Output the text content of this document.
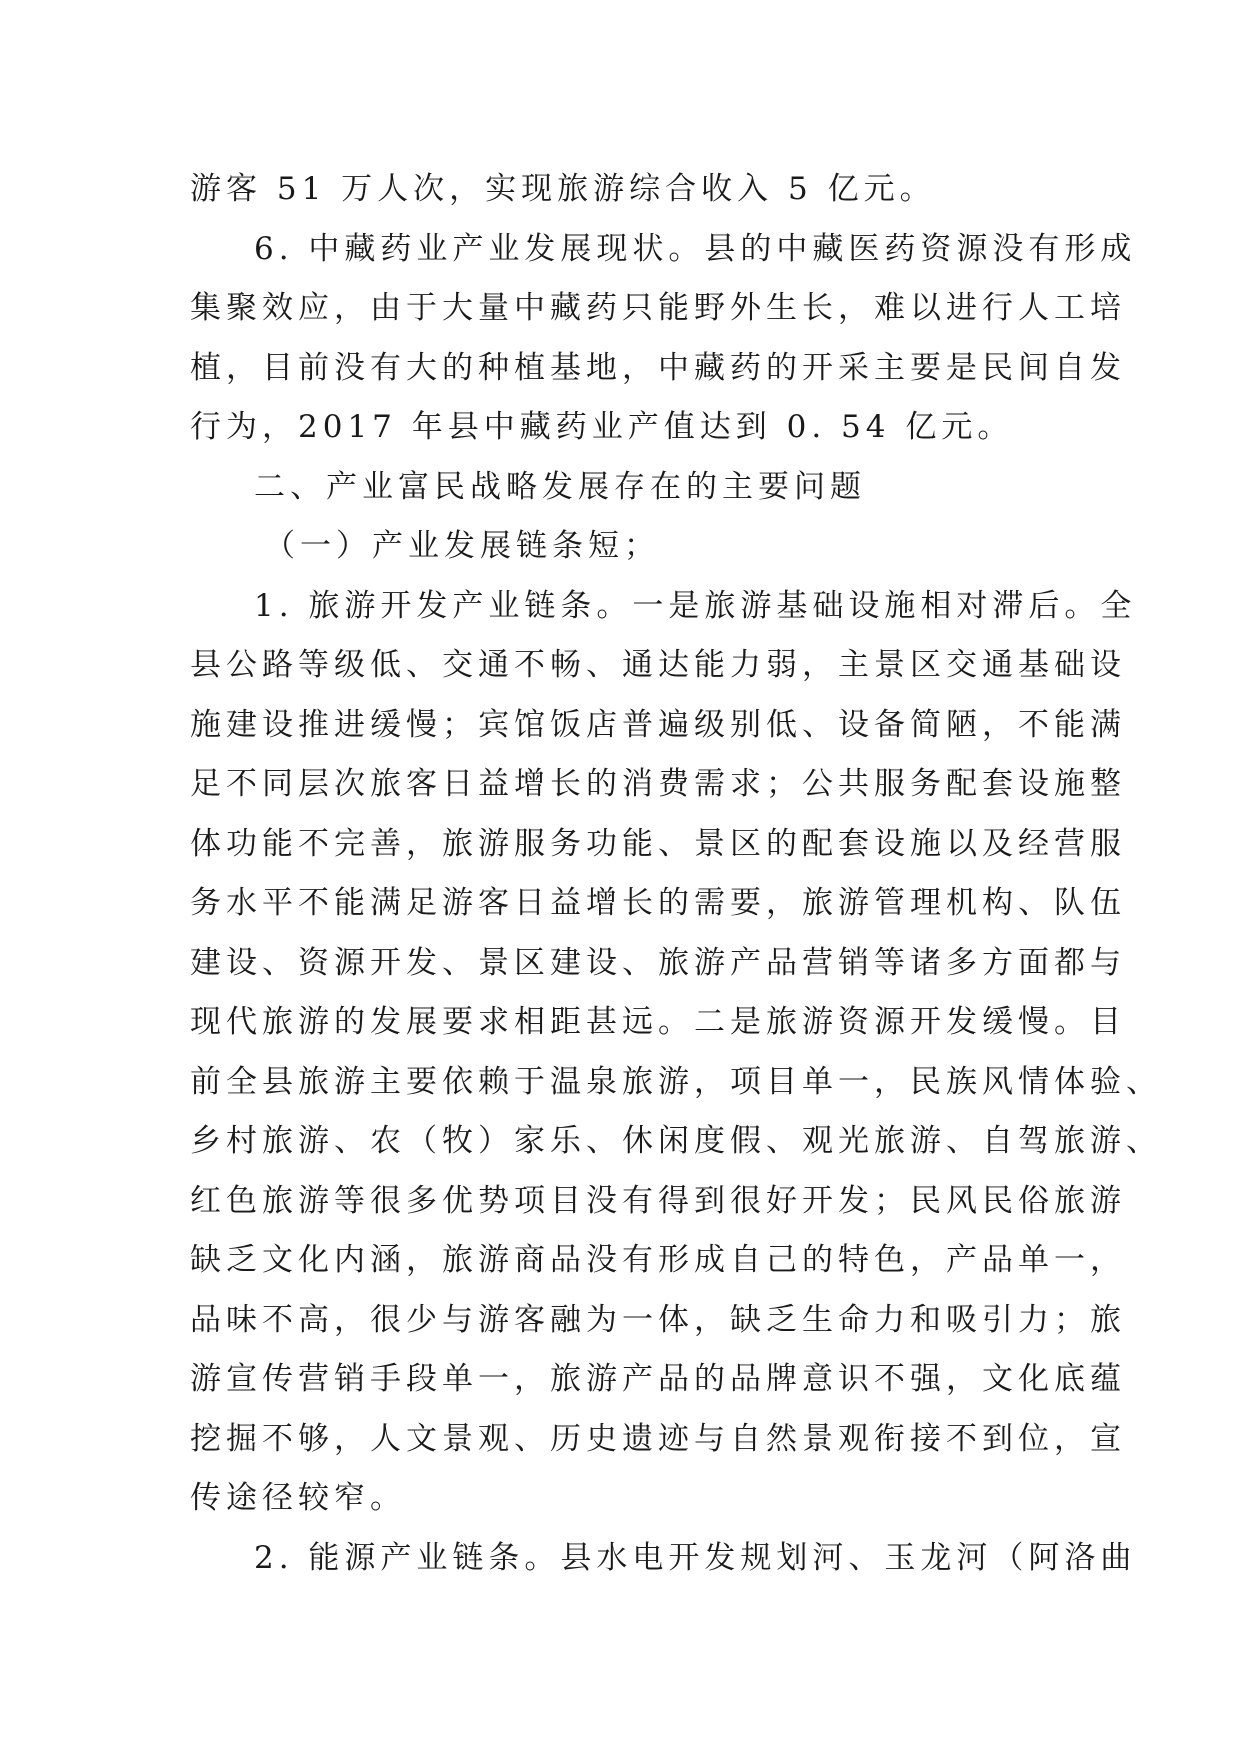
游客 51 万人次，实现旅游综合收入 5 亿元。
6. 中藏药业产业发展现状。县的中藏医药资源没有形成
集聚效应，由于大量中藏药只能野外生长，难以进行人工培
植，目前没有大的种植基地，中藏药的开采主要是民间自发
行为，2017 年县中藏药业产值达到 0. 54 亿元。
二、产业富民战略发展存在的主要问题
（一）产业发展链条短；
1. 旅游开发产业链条。一是旅游基础设施相对滞后。全
县公路等级低、交通不畅、通达能力弱，主景区交通基础设
施建设推进缓慢；宾馆饭店普遍级别低、设备简陋，不能满
足不同层次旅客日益增长的消费需求；公共服务配套设施整
体功能不完善，旅游服务功能、景区的配套设施以及经营服
务水平不能满足游客日益增长的需要，旅游管理机构、队伍
建设、资源开发、景区建设、旅游产品营销等诸多方面都与
现代旅游的发展要求相距甚远。二是旅游资源开发缓慢。目
前全县旅游主要依赖于温泉旅游，项目单一，民族风情体验、
乡村旅游、农（牧）家乐、休闲度假、观光旅游、自驾旅游、
红色旅游等很多优势项目没有得到很好开发；民风民俗旅游
缺乏文化内涵，旅游商品没有形成自己的特色，产品单一，
品味不高，很少与游客融为一体，缺乏生命力和吸引力；旅
游宣传营销手段单一，旅游产品的品牌意识不强，文化底蕴
挖掘不够，人文景观、历史遗迹与自然景观衔接不到位，宣
传途径较窄。
2. 能源产业链条。县水电开发规划河、玉龙河（阿洛曲
